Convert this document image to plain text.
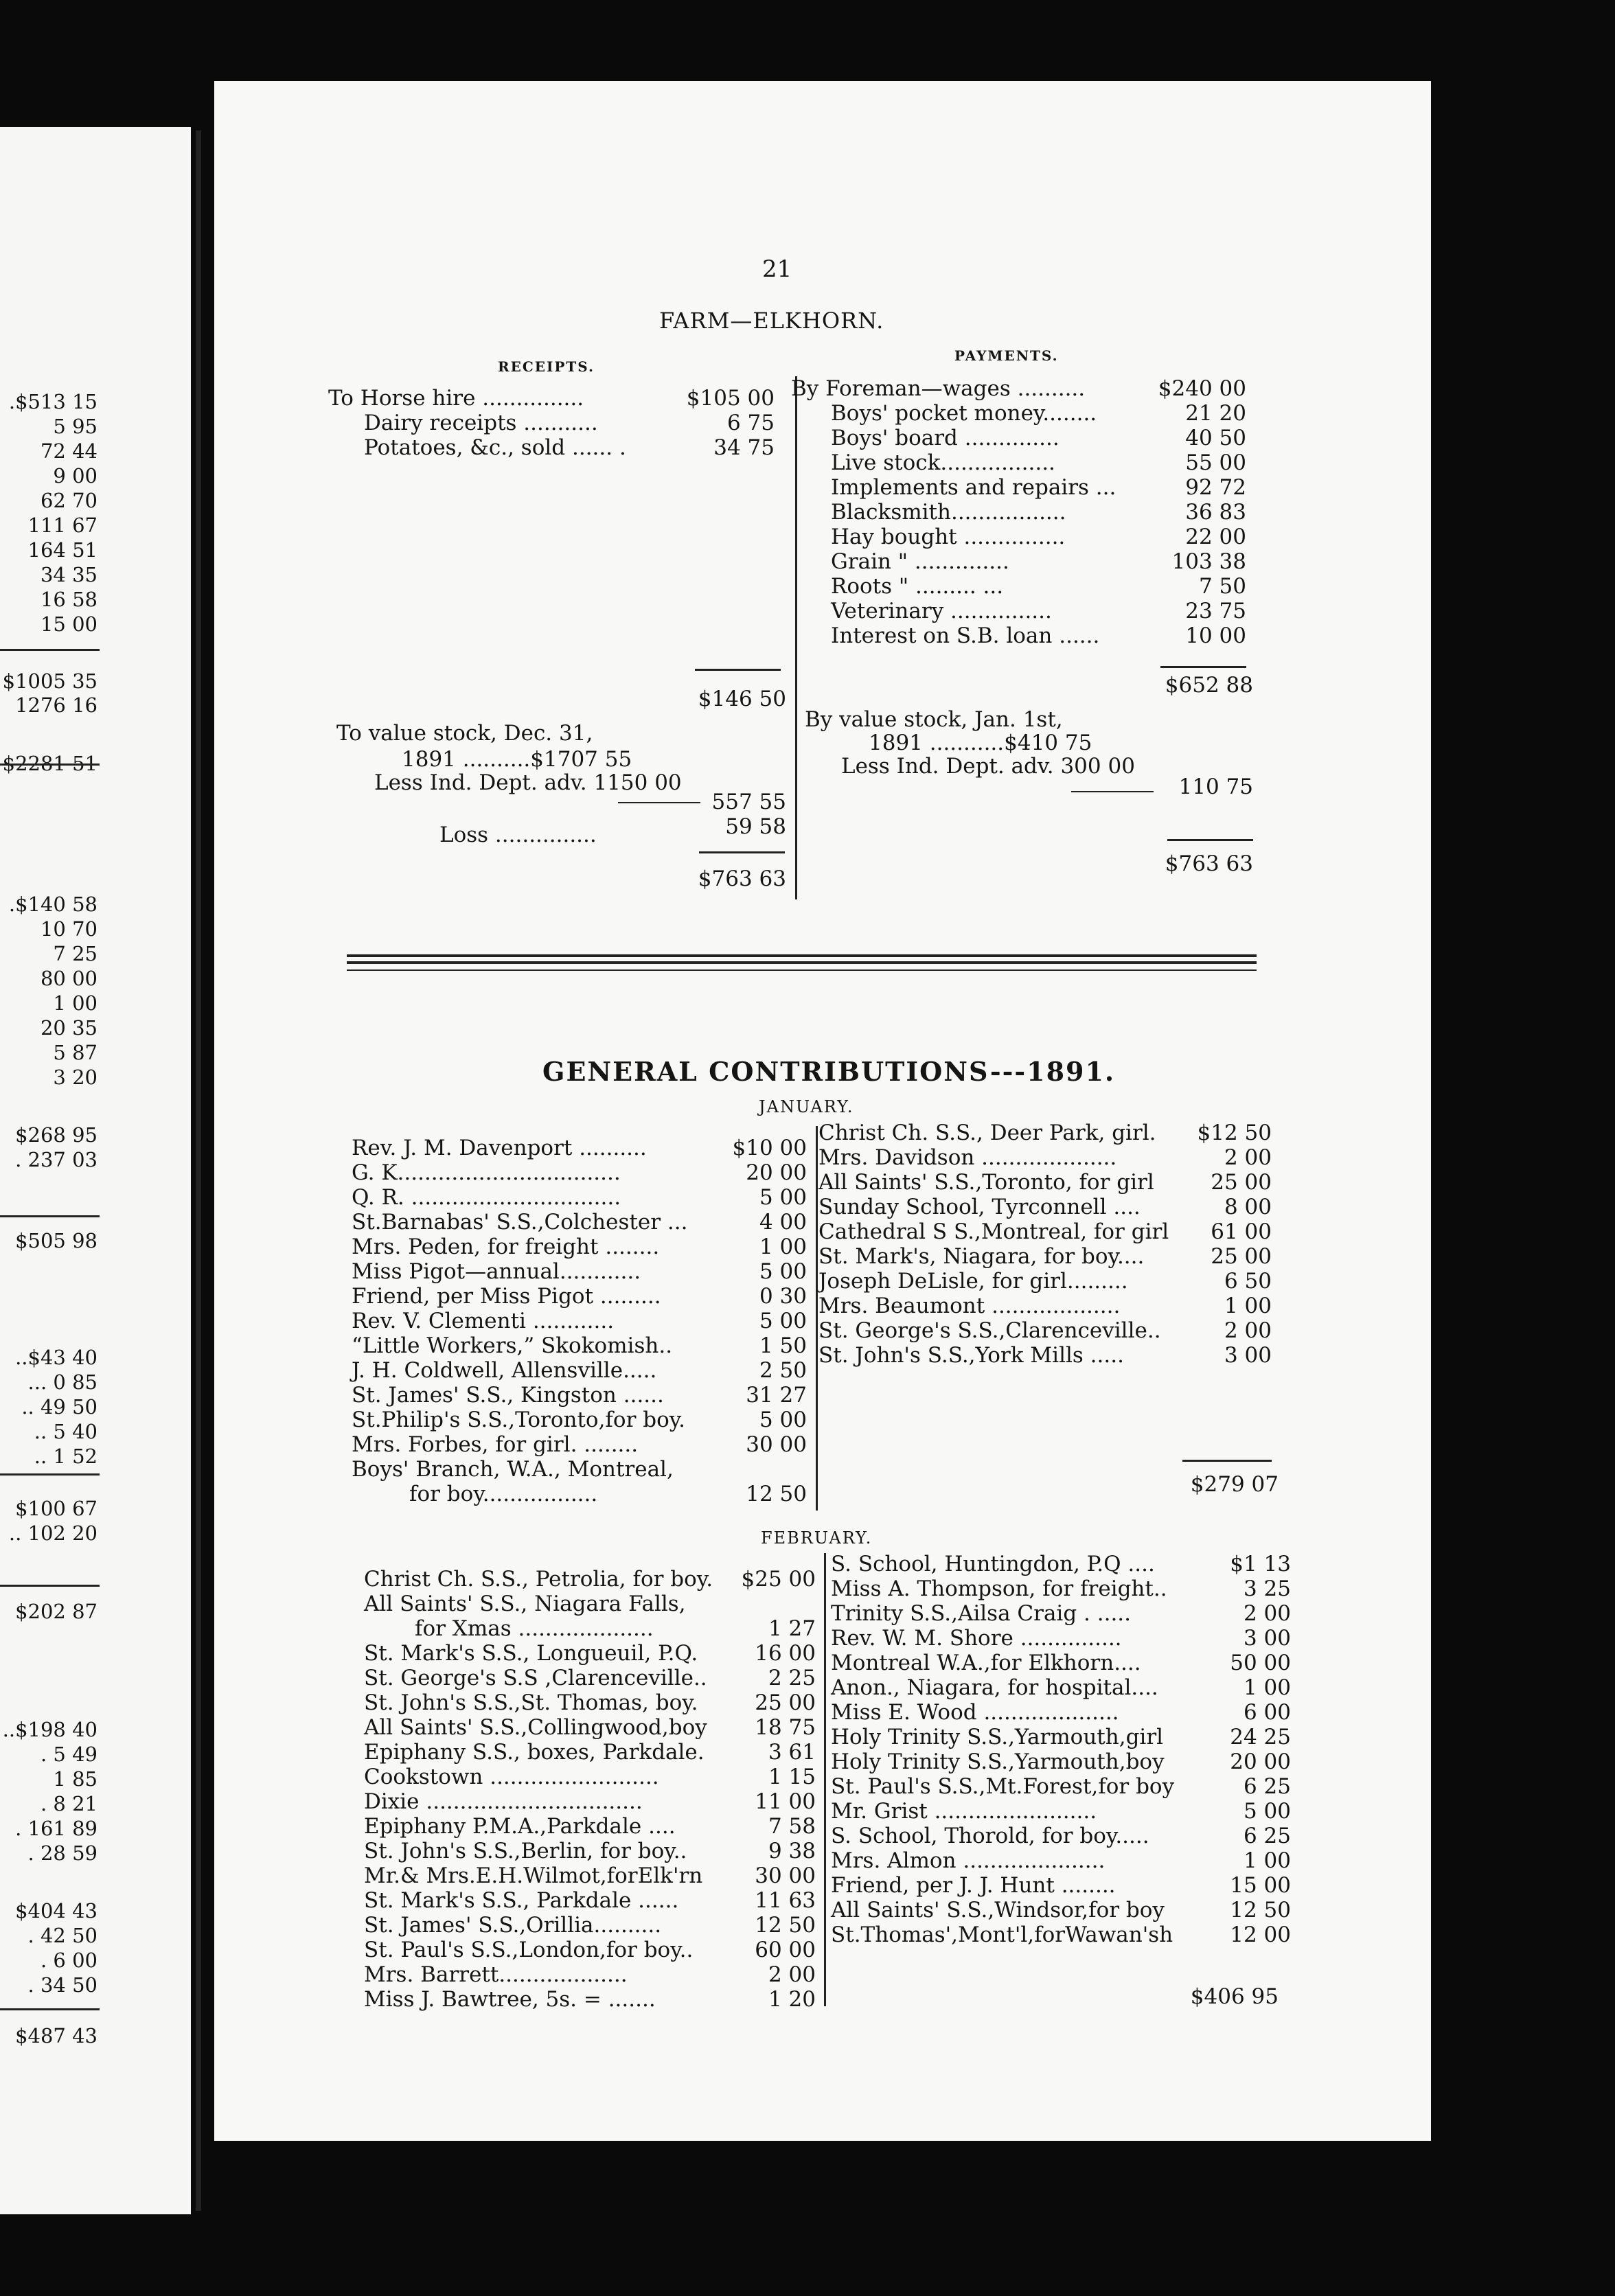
21
FARM—ELKHORN.
RECEIPTS.
PAYMENTS.
$146 50
To value stock, Dec. 31,
1891 ..........$1707 55
Less Ind. Dept. adv. 1150 00
557 55
Loss ...............	59 58
$763 63
$652 88
By value stock, Jan. 1st,
1891 ...........$410 75
Less Ind. Dept. adv. 300 00
110 75
$763 63
GENERAL CONTRIBUTIONS---1891.
JANUARY.
$279 07
FEBRUARY.
$406 95
.$513 15
5 95
72 44
9 00
62 70
111 67
164 51
34 35
16 58
15 00
$1005 35
1276 16
$2281 51
.$140 58
10 70
7 25
80 00
1 00
20 35
5 87
3 20
$268 95
. 237 03
$505 98
..$43 40
... 0 85
.. 49 50
.. 5 40
.. 1 52
$100 67
.. 102 20
$202 87
..$198 40
. 5 49
1 85
. 8 21
. 161 89
. 28 59
$404 43
. 42 50
. 6 00
. 34 50
$487 43
To Horse hire ...............	$105 00
Dairy receipts ...........	6 75
Potatoes, &c., sold ...... .	34 75
By Foreman—wages ..........	$240 00
Boys' pocket money........	21 20
Boys' board ..............	40 50
Live stock.................	55 00
Implements and repairs ...	92 72
Blacksmith.................	36 83
Hay bought ...............	22 00
Grain " ..............	103 38
Roots " ......... ...	7 50
Veterinary ...............	23 75
Interest on S.B. loan ......	10 00
Rev. J. M. Davenport ..........	$10 00
G. K.................................	20 00
Q. R. ...............................	5 00
St.Barnabas' S.S.,Colchester ...	4 00
Mrs. Peden, for freight ........	1 00
Miss Pigot—annual............	5 00
Friend, per Miss Pigot .........	0 30
Rev. V. Clementi ............	5 00
“Little Workers,” Skokomish..	1 50
J. H. Coldwell, Allensville.....	2 50
St. James' S.S., Kingston ......	31 27
St.Philip's S.S.,Toronto,for boy.	5 00
Mrs. Forbes, for girl. ........	30 00
Boys' Branch, W.A., Montreal,
for boy.................	12 50
Christ Ch. S.S., Deer Park, girl.	$12 50
Mrs. Davidson ....................	2 00
All Saints' S.S.,Toronto, for girl	25 00
Sunday School, Tyrconnell ....	8 00
Cathedral S S.,Montreal, for girl	61 00
St. Mark's, Niagara, for boy....	25 00
Joseph DeLisle, for girl.........	6 50
Mrs. Beaumont ...................	1 00
St. George's S.S.,Clarenceville..	2 00
St. John's S.S.,York Mills .....	3 00
Christ Ch. S.S., Petrolia, for boy.	$25 00
All Saints' S.S., Niagara Falls,
for Xmas ....................	1 27
St. Mark's S.S., Longueuil, P.Q.	16 00
St. George's S.S ,Clarenceville..	2 25
St. John's S.S.,St. Thomas, boy.	25 00
All Saints' S.S.,Collingwood,boy	18 75
Epiphany S.S., boxes, Parkdale.	3 61
Cookstown .........................	1 15
Dixie ................................	11 00
Epiphany P.M.A.,Parkdale ....	7 58
St. John's S.S.,Berlin, for boy..	9 38
Mr.& Mrs.E.H.Wilmot,forElk'rn	30 00
St. Mark's S.S., Parkdale ......	11 63
St. James' S.S.,Orillia..........	12 50
St. Paul's S.S.,London,for boy..	60 00
Mrs. Barrett...................	2 00
Miss J. Bawtree, 5s. = .......	1 20
S. School, Huntingdon, P.Q ....	$1 13
Miss A. Thompson, for freight..	3 25
Trinity S.S.,Ailsa Craig . .....	2 00
Rev. W. M. Shore ...............	3 00
Montreal W.A.,for Elkhorn....	50 00
Anon., Niagara, for hospital....	1 00
Miss E. Wood ....................	6 00
Holy Trinity S.S.,Yarmouth,girl	24 25
Holy Trinity S.S.,Yarmouth,boy	20 00
St. Paul's S.S.,Mt.Forest,for boy	6 25
Mr. Grist ........................	5 00
S. School, Thorold, for boy.....	6 25
Mrs. Almon .....................	1 00
Friend, per J. J. Hunt ........	15 00
All Saints' S.S.,Windsor,for boy	12 50
St.Thomas',Mont'l,forWawan'sh	12 00
